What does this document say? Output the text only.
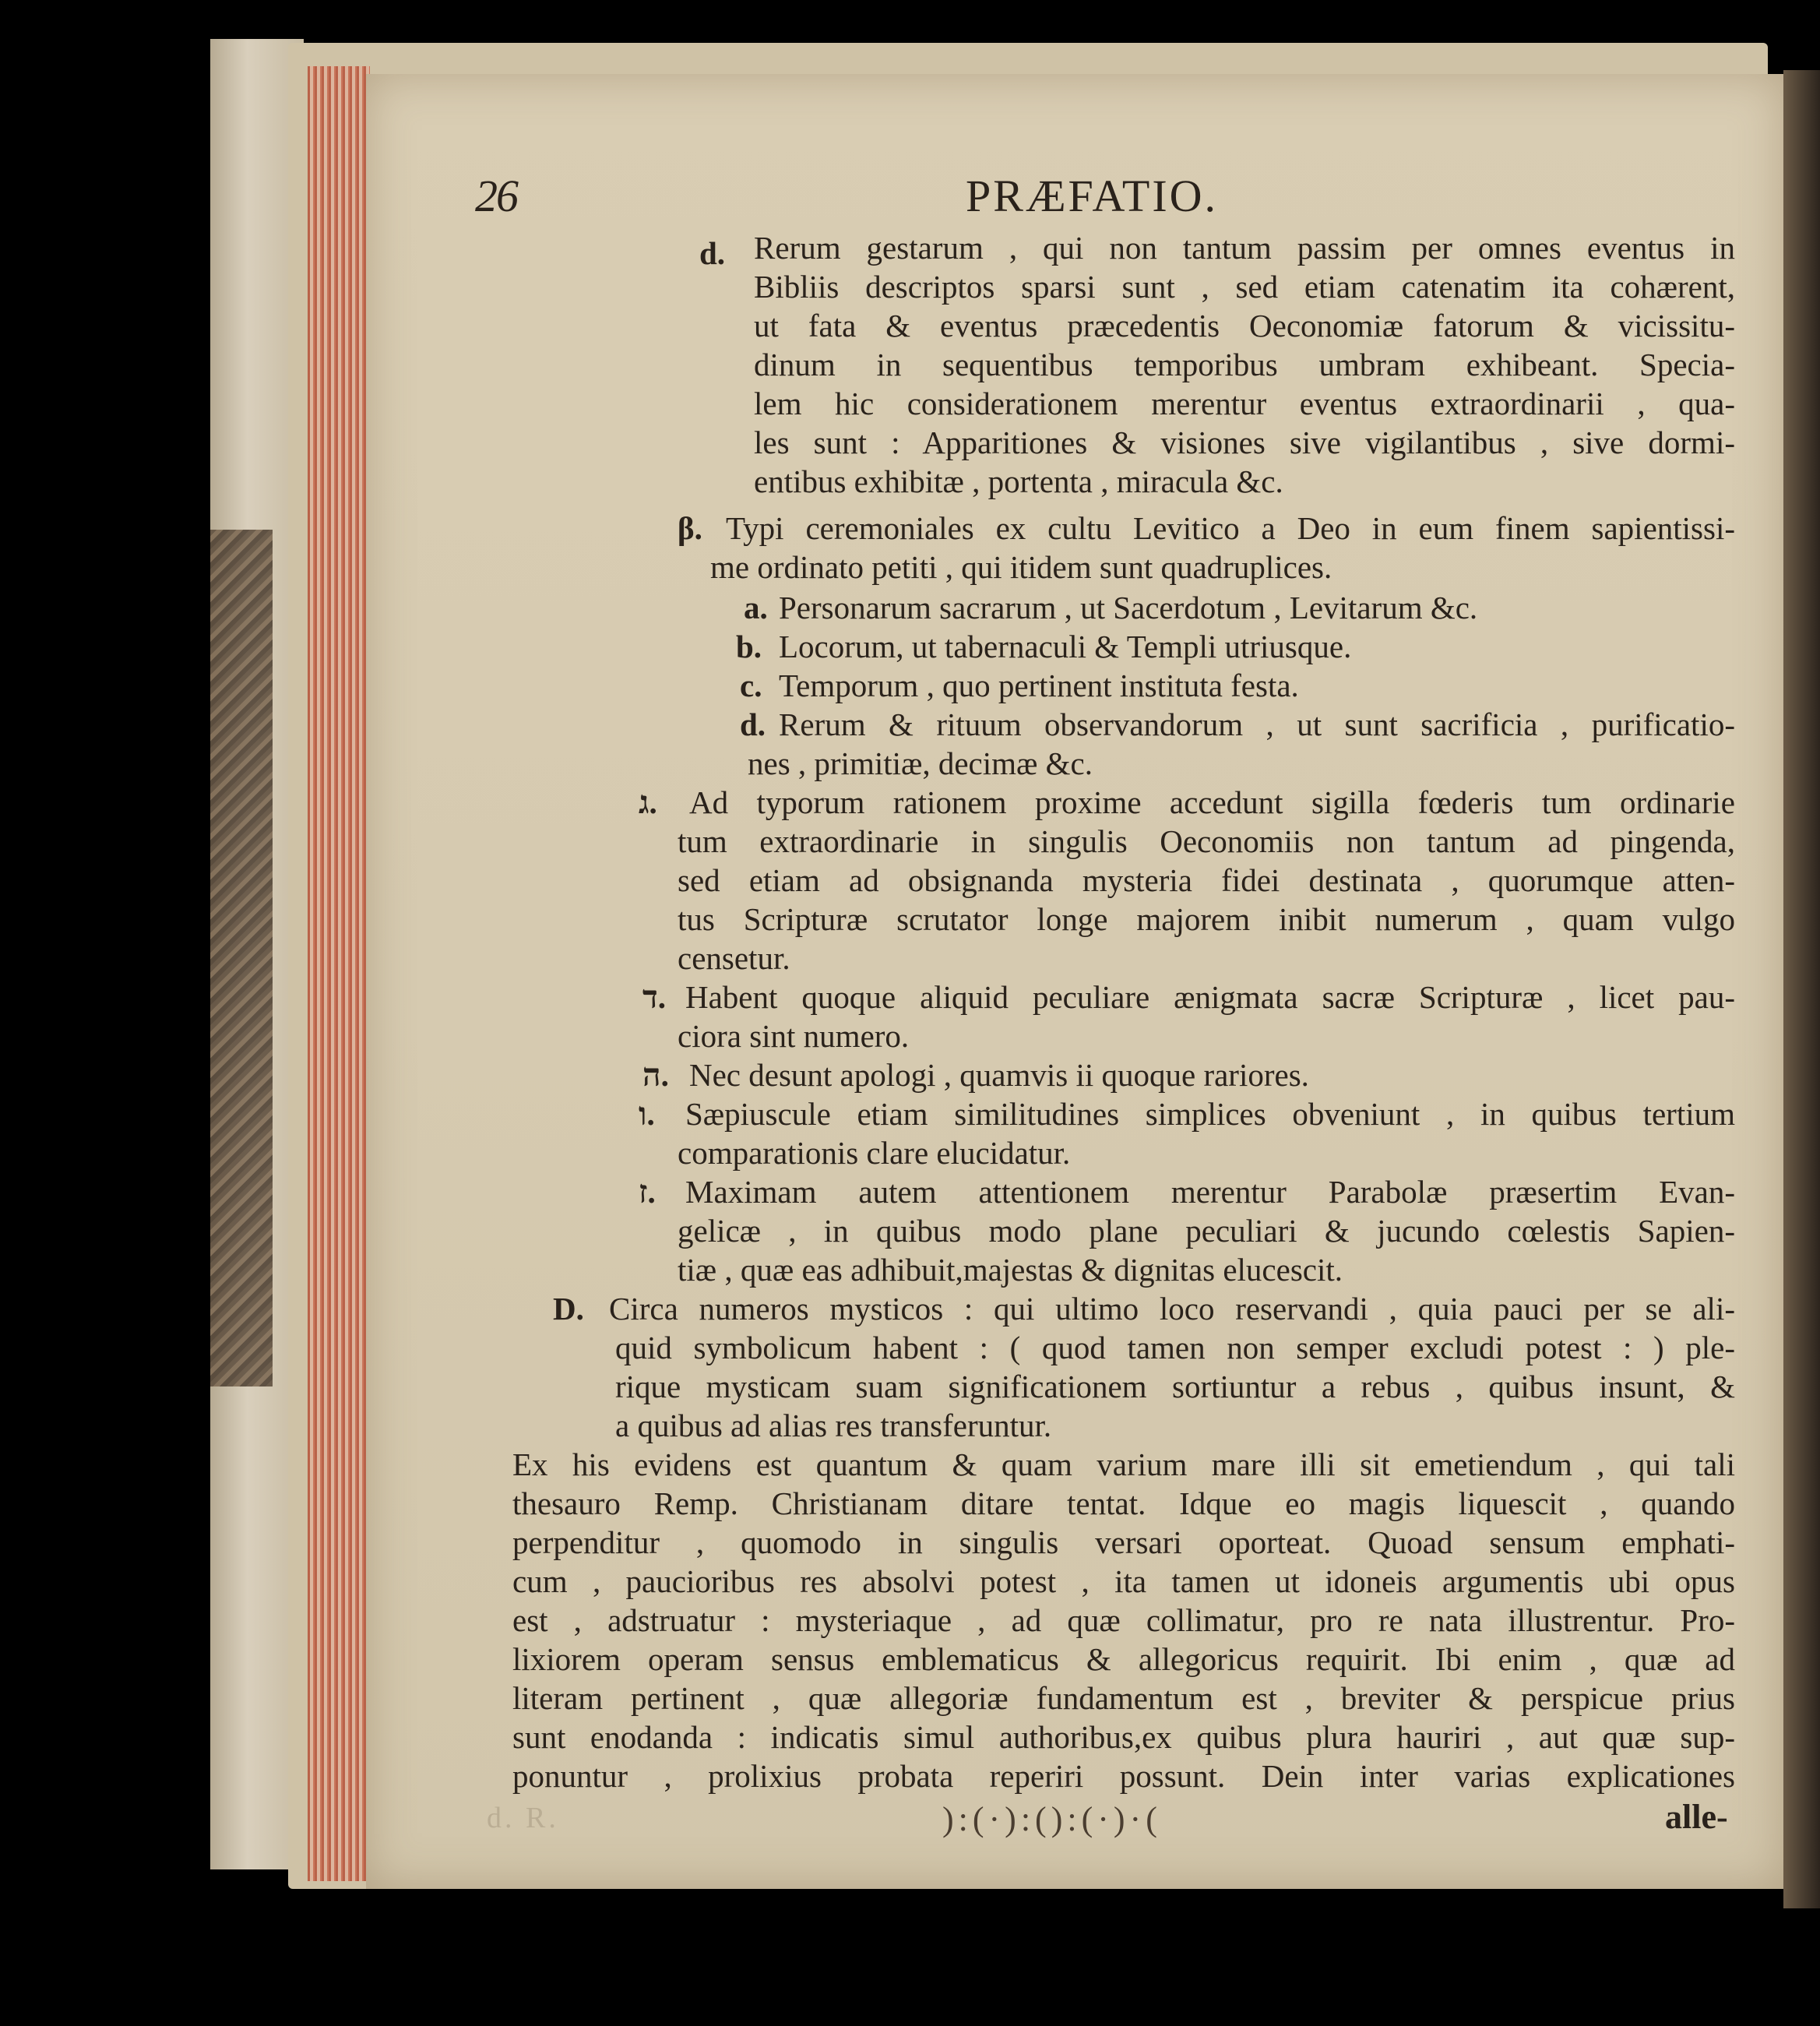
26	PRÆFATIO.
d. Rerum gestarum , qui non tantum passim per omnes eventus in
Bibliis descriptos sparsi sunt , sed etiam catenatim ita cohærent,
ut fata & eventus præcedentis Oeconomiæ fatorum & vicissitu-
dinum in sequentibus temporibus umbram exhibeant. Specia-
lem hic considerationem merentur eventus extraordinarii , qua-
les sunt : Apparitiones & visiones sive vigilantibus , sive dormi-
entibus exhibitæ , portenta , miracula &c.
β. Typi ceremoniales ex cultu Levitico a Deo in eum finem sapientissi-
me ordinato petiti , qui itidem sunt quadruplices.
a. Personarum sacrarum , ut Sacerdotum , Levitarum &c.
b. Locorum, ut tabernaculi & Templi utriusque.
c. Temporum , quo pertinent instituta festa.
d. Rerum & rituum observandorum , ut sunt sacrificia , purificatio-
nes , primitiæ, decimæ &c.
ג. Ad typorum rationem proxime accedunt sigilla fœderis tum ordinarie
tum extraordinarie in singulis Oeconomiis non tantum ad pingenda,
sed etiam ad obsignanda mysteria fidei destinata , quorumque atten-
tus Scripturæ scrutator longe majorem inibit numerum , quam vulgo
censetur.
ד. Habent quoque aliquid peculiare ænigmata sacræ Scripturæ , licet pau-
ciora sint numero.
ה. Nec desunt apologi , quamvis ii quoque rariores.
ו. Sæpiuscule etiam similitudines simplices obveniunt , in quibus tertium
comparationis clare elucidatur.
ז. Maximam autem attentionem merentur Parabolæ præsertim Evan-
gelicæ , in quibus modo plane peculiari & jucundo cœlestis Sapien-
tiæ , quæ eas adhibuit,majestas & dignitas elucescit.
D. Circa numeros mysticos : qui ultimo loco reservandi , quia pauci per se ali-
quid symbolicum habent : ( quod tamen non semper excludi potest : ) ple-
rique mysticam suam significationem sortiuntur a rebus , quibus insunt, &
a quibus ad alias res transferuntur.
Ex his evidens est quantum & quam varium mare illi sit emetiendum , qui tali
thesauro Remp. Christianam ditare tentat. Idque eo magis liquescit , quando
perpenditur , quomodo in singulis versari oporteat. Quoad sensum emphati-
cum , paucioribus res absolvi potest , ita tamen ut idoneis argumentis ubi opus
est , adstruatur : mysteriaque , ad quæ collimatur, pro re nata illustrentur. Pro-
lixiorem operam sensus emblematicus & allegoricus requirit. Ibi enim , quæ ad
literam pertinent , quæ allegoriæ fundamentum est , breviter & perspicue prius
sunt enodanda : indicatis simul authoribus,ex quibus plura hauriri , aut quæ sup-
ponuntur , prolixius probata reperiri possunt. Dein inter varias explicationes
d. R.	):(·):():(·)·(	alle-
